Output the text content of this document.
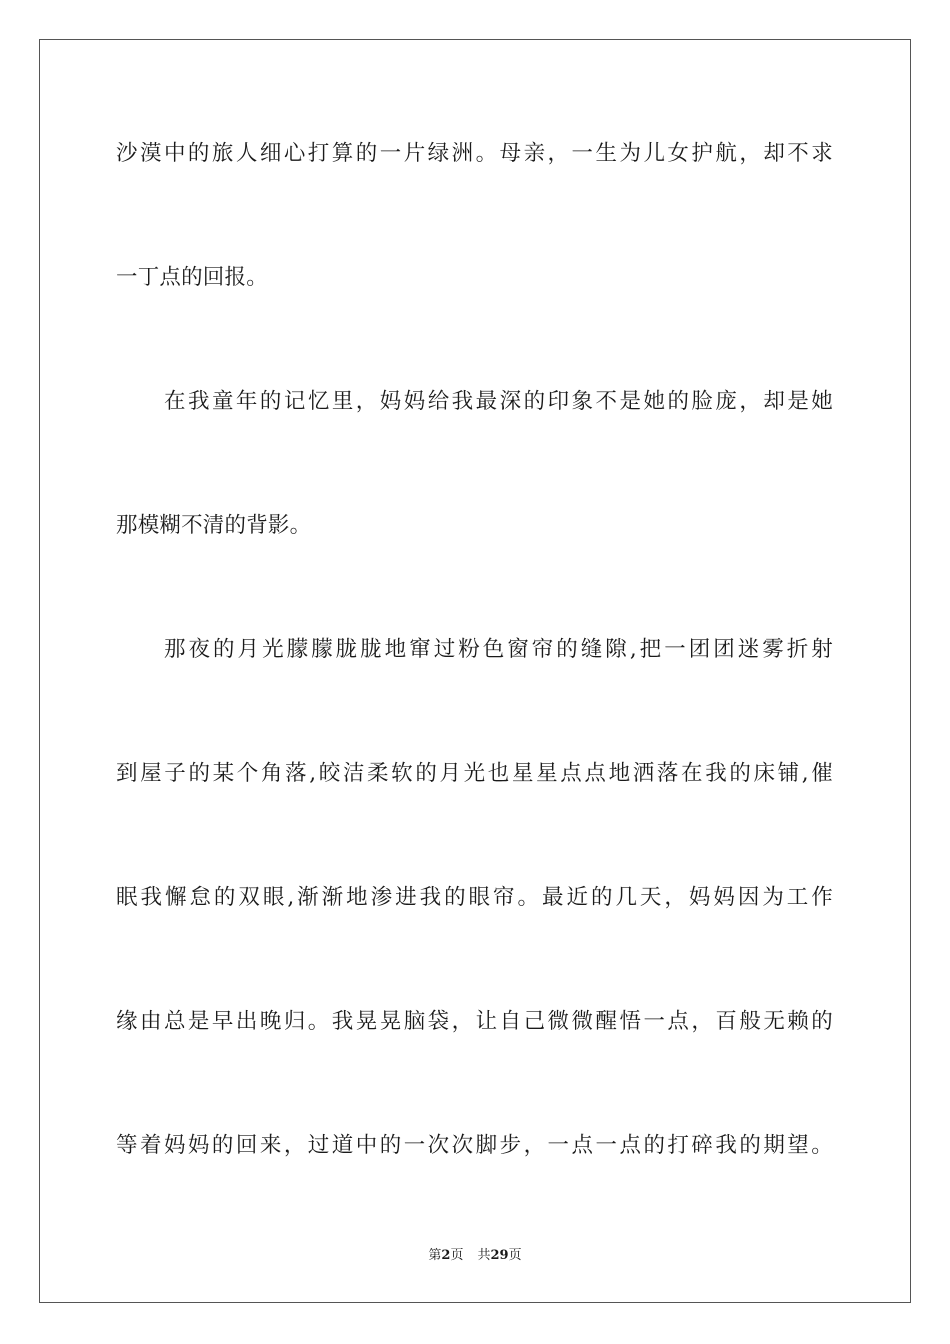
沙漠中的旅人细心打算的一片绿洲。母亲，一生为儿女护航，却不求
一丁点的回报。
在我童年的记忆里，妈妈给我最深的印象不是她的脸庞，却是她
那模糊不清的背影。
那夜的月光朦朦胧胧地窜过粉色窗帘的缝隙,把一团团迷雾折射
到屋子的某个角落,皎洁柔软的月光也星星点点地洒落在我的床铺,催
眠我懈怠的双眼,渐渐地渗进我的眼帘。最近的几天，妈妈因为工作
缘由总是早出晚归。我晃晃脑袋，让自己微微醒悟一点，百般无赖的
等着妈妈的回来，过道中的一次次脚步，一点一点的打碎我的期望。
第2页 共29页
